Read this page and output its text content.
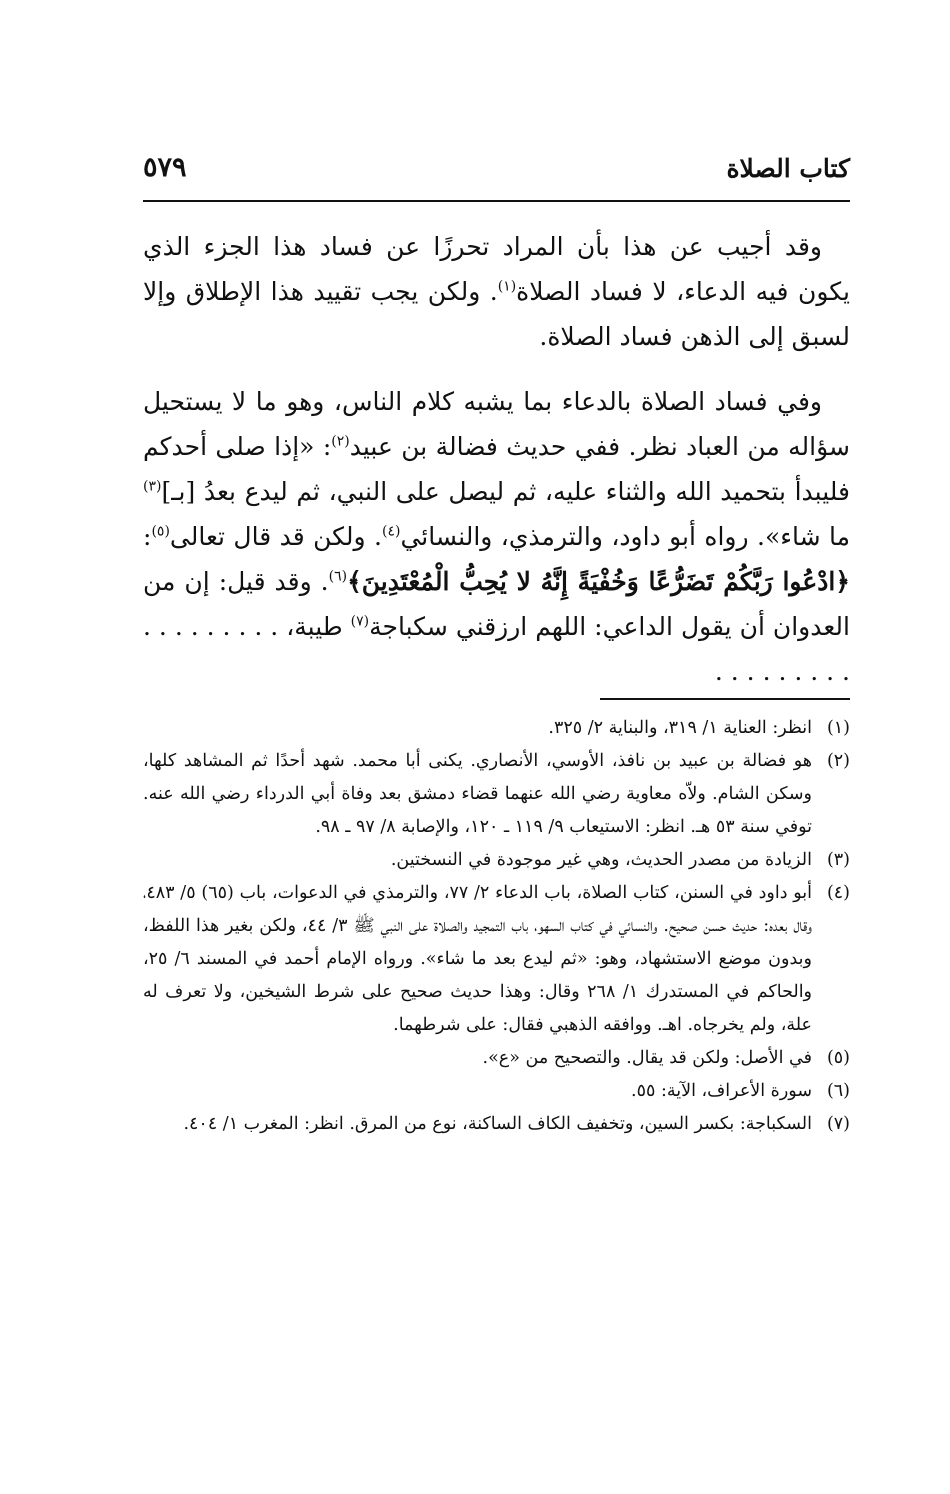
كتاب الصلاة
٥٧٩

وقد أجيب عن هذا بأن المراد تحرزًا عن فساد هذا الجزء الذي يكون فيه الدعاء، لا فساد الصلاة$^{(١)}$. ولكن يجب تقييد هذا الإطلاق وإلا لسبق إلى الذهن فساد الصلاة.

وفي فساد الصلاة بالدعاء بما يشبه كلام الناس، وهو ما لا يستحيل سؤاله من العباد نظر. ففي حديث فضالة بن عبيد$^{(٢)}$: «إذا صلى أحدكم فليبدأ بتحميد الله والثناء عليه، ثم ليصل على النبي، ثم ليدع بعدُ [بـ]$^{(٣)}$ ما شاء». رواه أبو داود، والترمذي، والنسائي$^{(٤)}$. ولكن قد قال تعالى$^{(٥)}$: ﴿ادْعُوا رَبَّكُمْ تَضَرُّعًا وَخُفْيَةً إِنَّهُ لا يُحِبُّ الْمُعْتَدِينَ﴾$^{(٦)}$. وقد قيل: إن من العدوان أن يقول الداعي: اللهم ارزقني سكباجة$^{(٧)}$ طيبة، . . . . . . . . . . . . . . . . . .

(١)
انظر: العناية ١/ ٣١٩، والبناية ٢/ ٣٢٥.
(٢)
هو فضالة بن عبيد بن نافذ، الأوسي، الأنصاري. يكنى أبا محمد. شهد أحدًا ثم المشاهد كلها، وسكن الشام. ولاّه معاوية رضي الله عنهما قضاء دمشق بعد وفاة أبي الدرداء رضي الله عنه. توفي سنة ٥٣ هـ. انظر: الاستيعاب ٩/ ١١٩ ـ ١٢٠، والإصابة ٨/ ٩٧ ـ ٩٨.
(٣)
الزيادة من مصدر الحديث، وهي غير موجودة في النسختين.
(٤)
أبو داود في السنن، كتاب الصلاة، باب الدعاء ٢/ ٧٧، والترمذي في الدعوات، باب (٦٥) ٥/ ٤٨٣، وقال بعده: حديث حسن صحيح. والنسائي في كتاب السهو، باب التمجيد والصلاة على النبي ﷺ ٣/ ٤٤، ولكن بغير هذا اللفظ، وبدون موضع الاستشهاد، وهو: «ثم ليدع بعد ما شاء». ورواه الإمام أحمد في المسند ٦/ ٢٥، والحاكم في المستدرك ١/ ٢٦٨ وقال: وهذا حديث صحيح على شرط الشيخين، ولا تعرف له علة، ولم يخرجاه. اهـ. ووافقه الذهبي فقال: على شرطهما.
(٥)
في الأصل: ولكن قد يقال. والتصحيح من «ع».
(٦)
سورة الأعراف، الآية: ٥٥.
(٧)
السكباجة: بكسر السين، وتخفيف الكاف الساكنة، نوع من المرق. انظر: المغرب ١/ ٤٠٤.
